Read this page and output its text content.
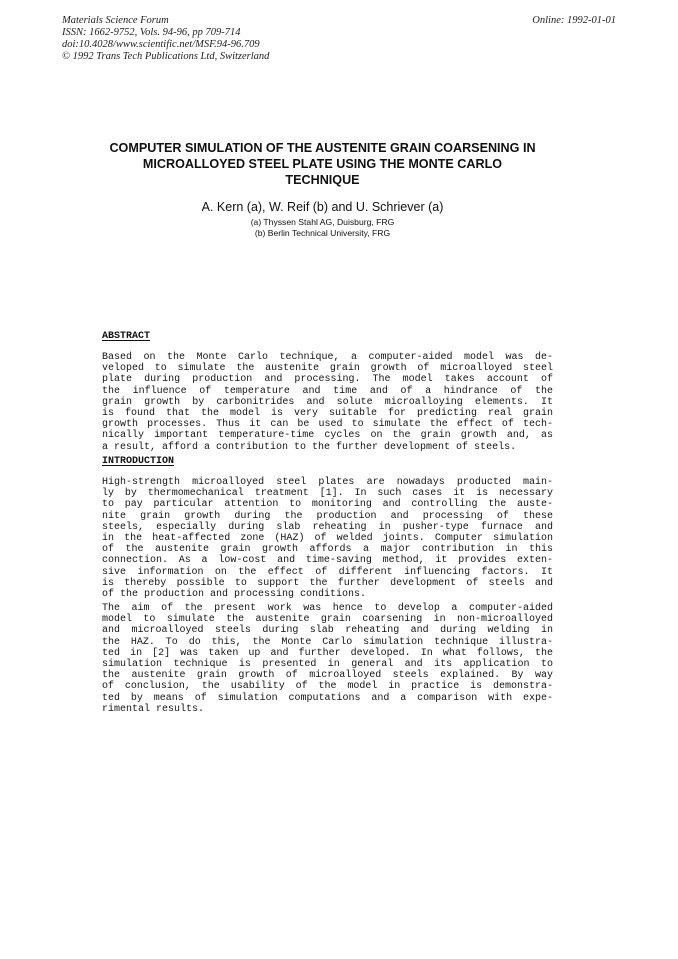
Materials Science Forum
ISSN: 1662-9752, Vols. 94-96, pp 709-714
doi:10.4028/www.scientific.net/MSF.94-96.709
© 1992 Trans Tech Publications Ltd, Switzerland
Online: 1992-01-01
COMPUTER SIMULATION OF THE AUSTENITE GRAIN COARSENING IN
MICROALLOYED STEEL PLATE USING THE MONTE CARLO
TECHNIQUE
A. Kern (a), W. Reif (b) and U. Schriever (a)
(a) Thyssen Stahl AG, Duisburg, FRG
(b) Berlin Technical University, FRG
ABSTRACT
Based on the Monte Carlo technique, a computer-aided model was de-
veloped to simulate the austenite grain growth of microalloyed steel
plate during production and processing. The model takes account of
the influence of temperature and time and of a hindrance of the
grain growth by carbonitrides and solute microalloying elements. It
is found that the model is very suitable for predicting real grain
growth processes. Thus it can be used to simulate the effect of tech-
nically important temperature-time cycles on the grain growth and, as
a result, afford a contribution to the further development of steels.
INTRODUCTION
High-strength microalloyed steel plates are nowadays producted main-
ly by thermomechanical treatment [1]. In such cases it is necessary
to pay particular attention to monitoring and controlling the auste-
nite grain growth during the production and processing of these
steels, especially during slab reheating in pusher-type furnace and
in the heat-affected zone (HAZ) of welded joints. Computer simulation
of the austenite grain growth affords a major contribution in this
connection. As a low-cost and time-saving method, it provides exten-
sive information on the effect of different influencing factors. It
is thereby possible to support the further development of steels and
of the production and processing conditions.
The aim of the present work was hence to develop a computer-aided
model to simulate the austenite grain coarsening in non-microalloyed
and microalloyed steels during slab reheating and during welding in
the HAZ. To do this, the Monte Carlo simulation technique illustra-
ted in [2] was taken up and further developed. In what follows, the
simulation technique is presented in general and its application to
the austenite grain growth of microalloyed steels explained. By way
of conclusion, the usability of the model in practice is demonstra-
ted by means of simulation computations and a comparison with expe-
rimental results.
